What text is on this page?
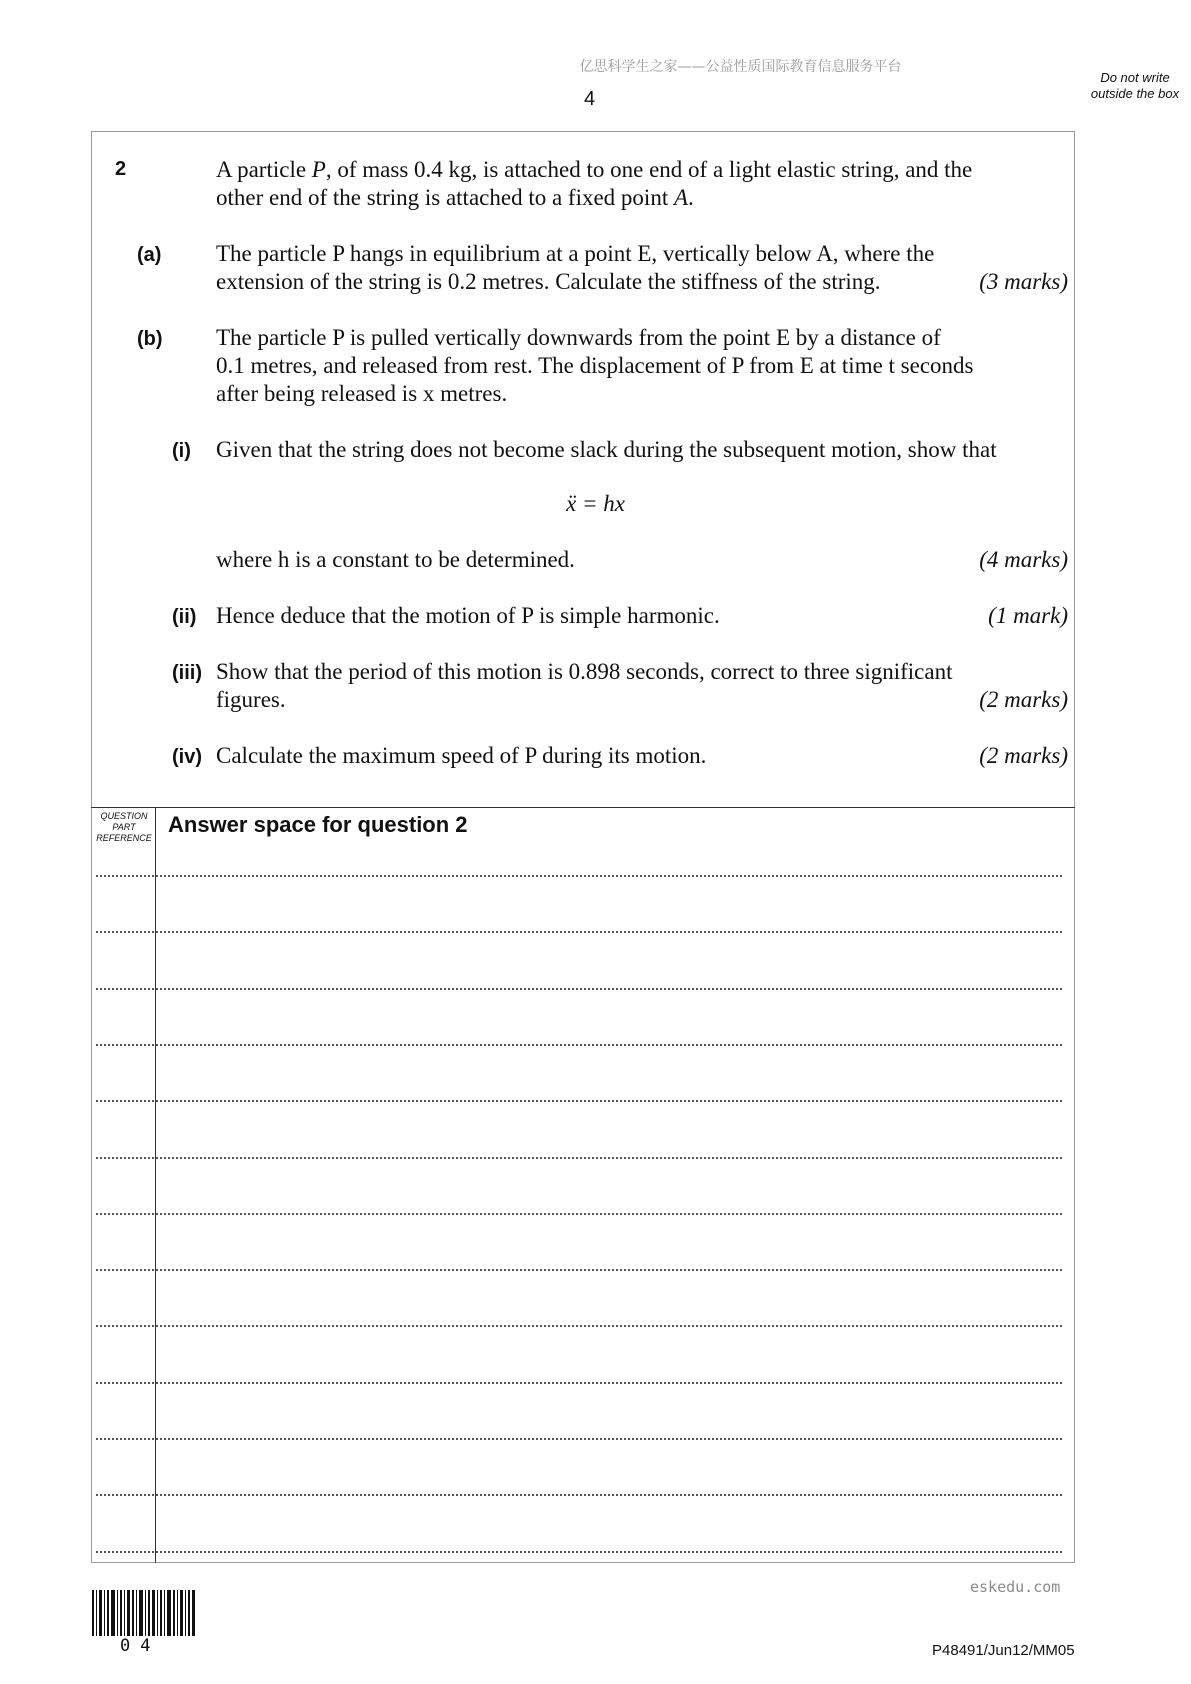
亿思科学生之家——公益性质国际教育信息服务平台
4
Do not write outside the box
2	A particle P, of mass 0.4 kg, is attached to one end of a light elastic string, and the
other end of the string is attached to a fixed point A.
(a) The particle P hangs in equilibrium at a point E, vertically below A, where the
extension of the string is 0.2 metres. Calculate the stiffness of the string.	(3 marks)
(b) The particle P is pulled vertically downwards from the point E by a distance of
0.1 metres, and released from rest. The displacement of P from E at time t seconds
after being released is x metres.
(i) Given that the string does not become slack during the subsequent motion, show that
ẍ = hx
where h is a constant to be determined.	(4 marks)
(ii) Hence deduce that the motion of P is simple harmonic.	(1 mark)
(iii) Show that the period of this motion is 0.898 seconds, correct to three significant
figures.	(2 marks)
(iv) Calculate the maximum speed of P during its motion.	(2 marks)
QUESTION PART REFERENCE
Answer space for question 2
eskedu.com
04	P48491/Jun12/MM05
